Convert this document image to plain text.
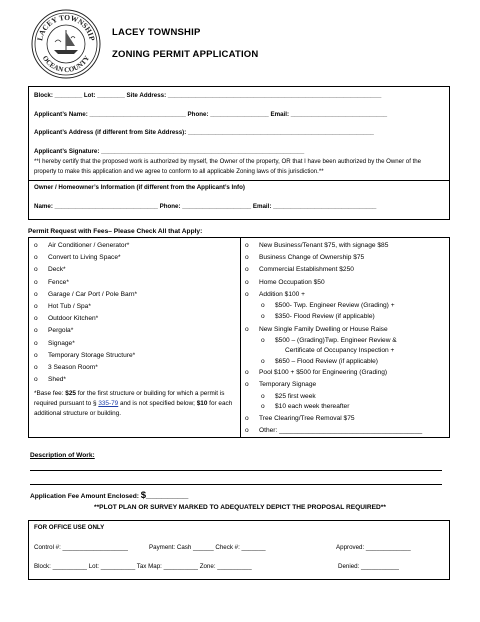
LACEY TOWNSHIP
OCEAN COUNTY
LACEY TOWNSHIP
ZONING PERMIT APPLICATION
Block: ________ Lot: ________ Site Address: ______________________________________________________________
Applicant’s Name: ____________________________ Phone: _________________ Email: ____________________________
Applicant’s Address (if different from Site Address): ______________________________________________________
Applicant’s Signature: ___________________________________________________________
**I hereby certify that the proposed work is authorized by myself, the Owner of the property, OR that I have been authorized by the Owner of the property to make this application and we agree to conform to all applicable Zoning laws of this jurisdiction.**
Owner / Homeowner’s Information (if different from the Applicant’s Info)
Name: ______________________________ Phone: ____________________ Email: ______________________________
Permit Request with Fees– Please Check All that Apply:
o Air Conditioner / Generator*
o Convert to Living Space*
o Deck*
o Fence*
o Garage / Car Port / Pole Barn*
o Hot Tub / Spa*
o Outdoor Kitchen*
o Pergola*
o Signage*
o Temporary Storage Structure*
o 3 Season Room*
o Shed*
*Base fee: $25 for the first structure or building for which a permit is required pursuant to § 335-79 and is not specified below; $10 for each additional structure or building.
o New Business/Tenant $75, with signage $85
o Business Change of Ownership $75
o Commercial Establishment $250
o Home Occupation $50
o Addition $100 +
o $500- Twp. Engineer Review (Grading) +
o $350- Flood Review (if applicable)
o New Single Family Dwelling or House Raise
o $500 – (Grading)Twp. Engineer Review &
Certificate of Occupancy Inspection +
o $650 – Flood Review (if applicable)
o Pool $100 + $500 for Engineering (Grading)
o Temporary Signage
o $25 first week
o $10 each week thereafter
o Tree Clearing/Tree Removal $75
o Other: _______________________________________
Description of Work:
Application Fee Amount Enclosed: $________
**PLOT PLAN OR SURVEY MARKED TO ADEQUATELY DEPICT THE PROPOSAL REQUIRED**
FOR OFFICE USE ONLY
Control #: ___________________	Payment: Cash ______ Check #: _______	Approved: _____________
Block: __________ Lot: __________ Tax Map: __________ Zone: __________	Denied: ___________
